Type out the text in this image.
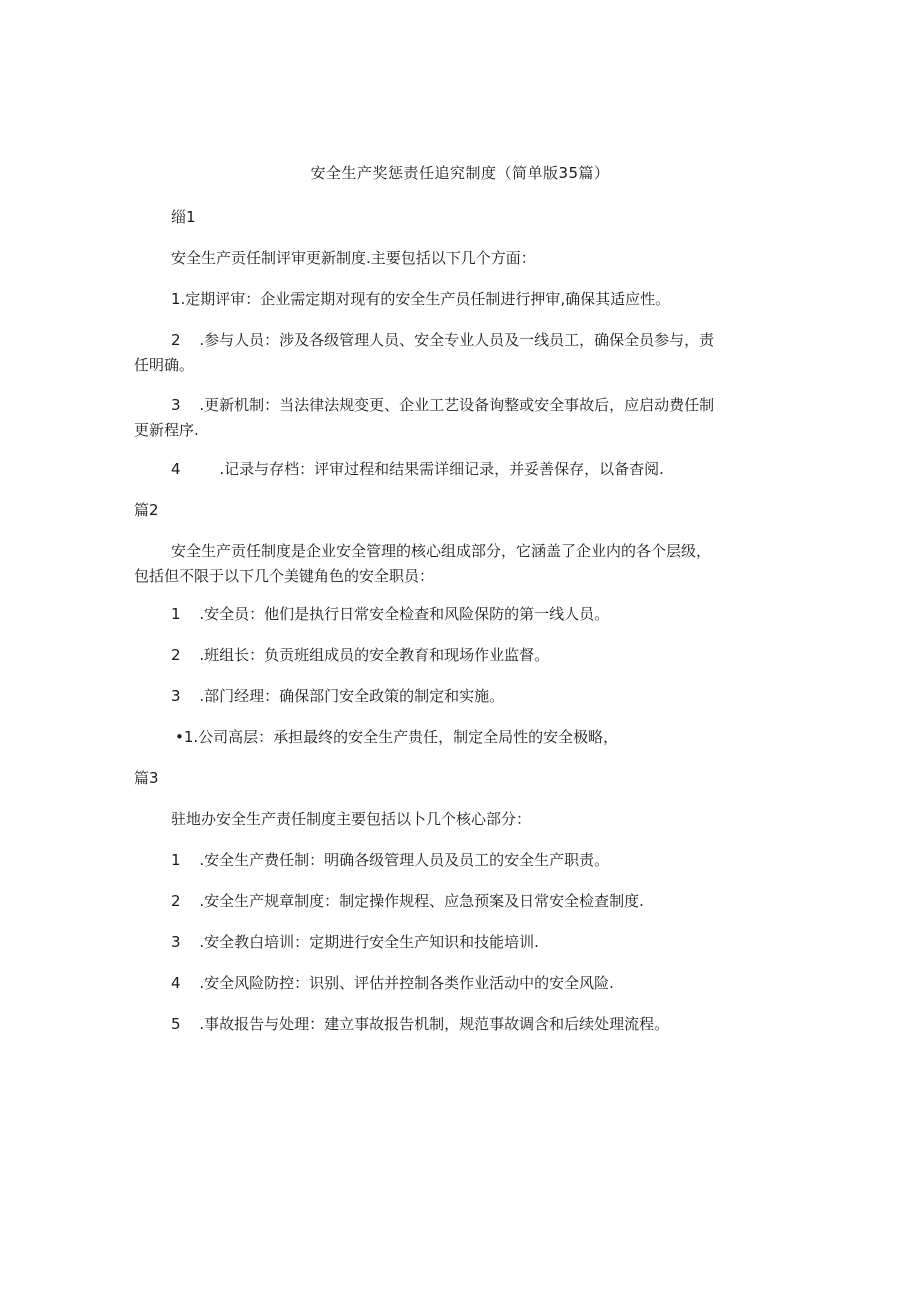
安全生产奖惩责任追究制度（简单版35篇）
缁1
安全生产贡任制评审更新制度.主要包括以下几个方面：
1.定期评审：企业需定期对现有的安全生产员任制进行押审,确保其适应性。
2 .参与人员：涉及各级管理人员、安全专业人员及一线员工，确保全员参与，责
任明确。
3 .更新机制：当法律法规变更、企业工艺设备询整或安全事故后，应启动费任制
更新程序.
4	.记录与存档：评审过程和结果需详细记录，并妥善保存，以备杳阅.
篇2
安全生产贡任制度是企业安全管理的核心组成部分，它涵盖了企业内的各个层级，
包括但不限于以下几个美键角色的安全职员：
1 .安全员：他们是执行日常安全检查和风险保防的第一线人员。
2 .班组长：负贡班组成员的安全教育和现场作业监督。
3 .部门经理：确保部门安全政策的制定和实施。
•1.公司高层：承担最终的安全生产贵任，制定全局性的安全极略，
篇3
驻地办安全生产责任制度主要包括以卜几个核心部分：
1 .安全生产费任制：明确各级管理人员及员工的安全生产职责。
2 .安全生产规章制度：制定操作规程、应急预案及日常安全检查制度.
3 .安全教白培训：定期进行安全生产知识和技能培训.
4 .安全风险防控：识别、评估并控制各类作业活动中的安全风险.
5 .事故报告与处理：建立事故报告机制，规范事故调含和后续处理流程。
